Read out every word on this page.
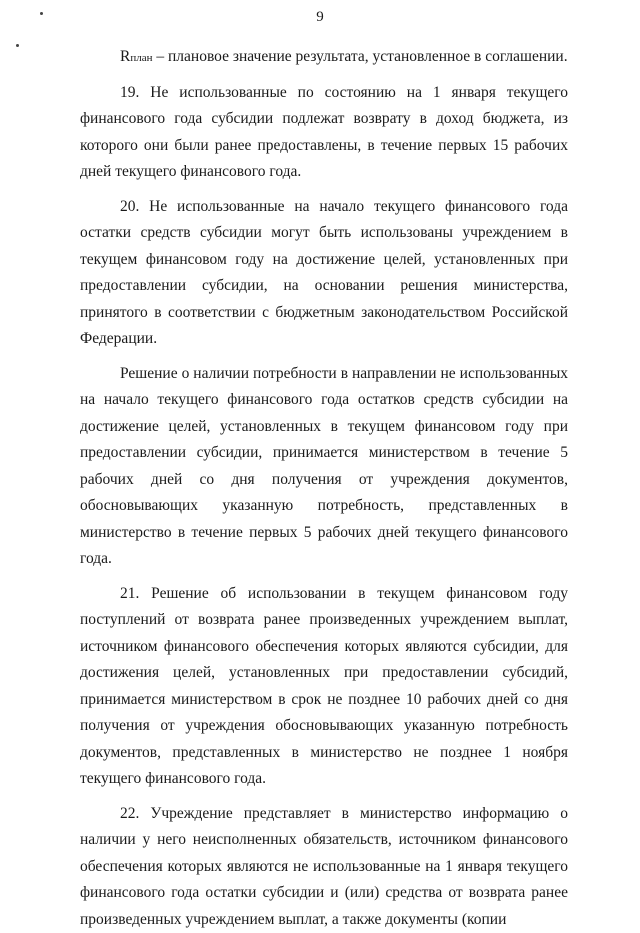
9

Rплан – плановое значение результата, установленное в соглашении.

19. Не использованные по состоянию на 1 января текущего финансового года субсидии подлежат возврату в доход бюджета, из которого они были ранее предоставлены, в течение первых 15 рабочих дней текущего финансового года.

20. Не использованные на начало текущего финансового года остатки средств субсидии могут быть использованы учреждением в текущем финансовом году на достижение целей, установленных при предоставлении субсидии, на основании решения министерства, принятого в соответствии с бюджетным законодательством Российской Федерации.

Решение о наличии потребности в направлении не использованных на начало текущего финансового года остатков средств субсидии на достижение целей, установленных в текущем финансовом году при предоставлении субсидии, принимается министерством в течение 5 рабочих дней со дня получения от учреждения документов, обосновывающих указанную потребность, представленных в министерство в течение первых 5 рабочих дней текущего финансового года.

21. Решение об использовании в текущем финансовом году поступлений от возврата ранее произведенных учреждением выплат, источником финансового обеспечения которых являются субсидии, для достижения целей, установленных при предоставлении субсидий, принимается министерством в срок не позднее 10 рабочих дней со дня получения от учреждения обосновывающих указанную потребность документов, представленных в министерство не позднее 1 ноября текущего финансового года.

22. Учреждение представляет в министерство информацию о наличии у него неисполненных обязательств, источником финансового обеспечения которых являются не использованные на 1 января текущего финансового года остатки субсидии и (или) средства от возврата ранее произведенных учреждением выплат, а также документы (копии
